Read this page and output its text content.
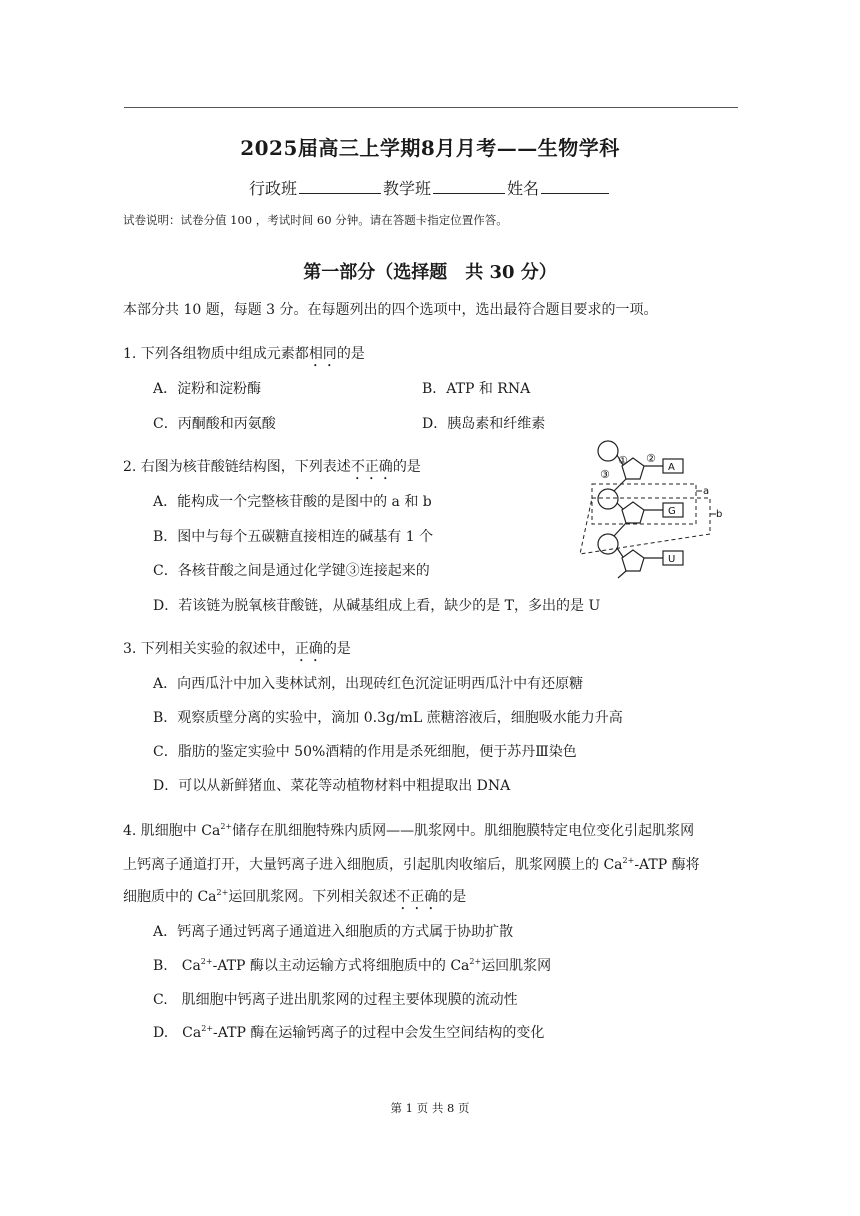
2025届高三上学期8月月考——生物学科
行政班	教学班	姓名
试卷说明：试卷分值 100 ，考试时间 60 分钟。请在答题卡指定位置作答。
第一部分（选择题　共 30 分）
本部分共 10 题，每题 3 分。在每题列出的四个选项中，选出最符合题目要求的一项。
1. 下列各组物质中组成元素都相同的是
A．淀粉和淀粉酶	B．ATP 和 RNA
C．丙酮酸和丙氨酸	D．胰岛素和纤维素
2. 右图为核苷酸链结构图，下列表述不正确的是
A．能构成一个完整核苷酸的是图中的 a 和 b
B．图中与每个五碳糖直接相连的碱基有 1 个
C．各核苷酸之间是通过化学键③连接起来的
D．若该链为脱氧核苷酸链，从碱基组成上看，缺少的是 T，多出的是 U
① ②
③
A
G
U
a
b
3. 下列相关实验的叙述中，正确的是
A．向西瓜汁中加入斐林试剂，出现砖红色沉淀证明西瓜汁中有还原糖
B．观察质壁分离的实验中，滴加 0.3g/mL 蔗糖溶液后，细胞吸水能力升高
C．脂肪的鉴定实验中 50%酒精的作用是杀死细胞，便于苏丹Ⅲ染色
D．可以从新鲜猪血、菜花等动植物材料中粗提取出 DNA
4. 肌细胞中 $Ca^{2+}$储存在肌细胞特殊内质网——肌浆网中。肌细胞膜特定电位变化引起肌浆网
上钙离子通道打开，大量钙离子进入细胞质，引起肌肉收缩后，肌浆网膜上的 $Ca^{2+}$-ATP 酶将
细胞质中的 $Ca^{2+}$运回肌浆网。下列相关叙述不正确的是
A．钙离子通过钙离子通道进入细胞质的方式属于协助扩散
B.　$Ca^{2+}$-ATP 酶以主动运输方式将细胞质中的 $Ca^{2+}$运回肌浆网
C.　肌细胞中钙离子进出肌浆网的过程主要体现膜的流动性
D.　$Ca^{2+}$-ATP 酶在运输钙离子的过程中会发生空间结构的变化
第 1 页 共 8 页
